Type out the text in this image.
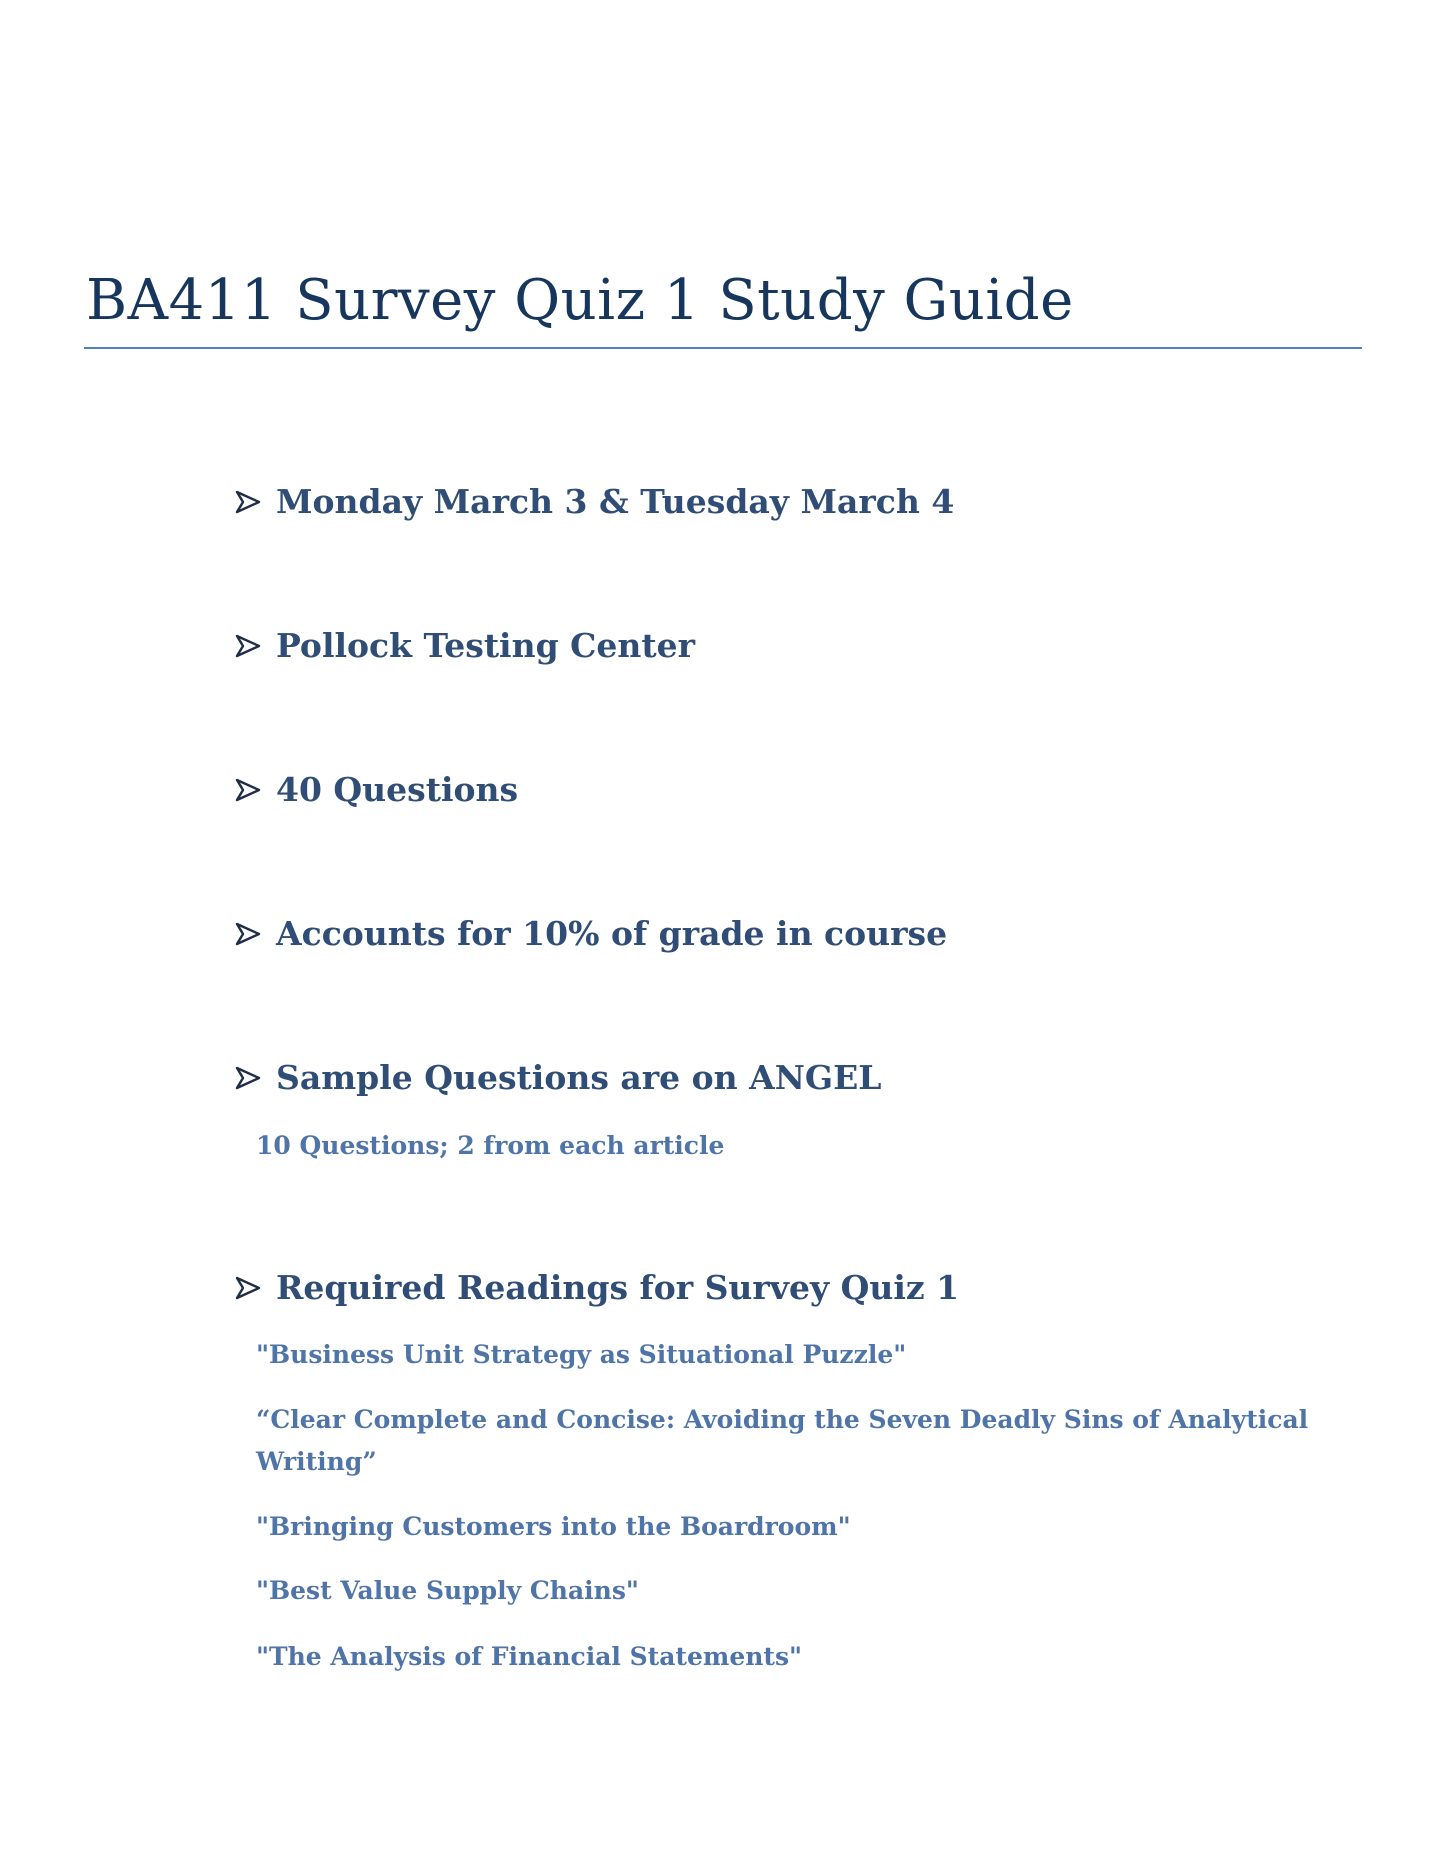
BA411 Survey Quiz 1 Study Guide
Monday March 3 & Tuesday March 4
Pollock Testing Center
40 Questions
Accounts for 10% of grade in course
Sample Questions are on ANGEL
10 Questions; 2 from each article
Required Readings for Survey Quiz 1
"Business Unit Strategy as Situational Puzzle"
“Clear Complete and Concise: Avoiding the Seven Deadly Sins of Analytical Writing”
"Bringing Customers into the Boardroom"
"Best Value Supply Chains"
"The Analysis of Financial Statements"
